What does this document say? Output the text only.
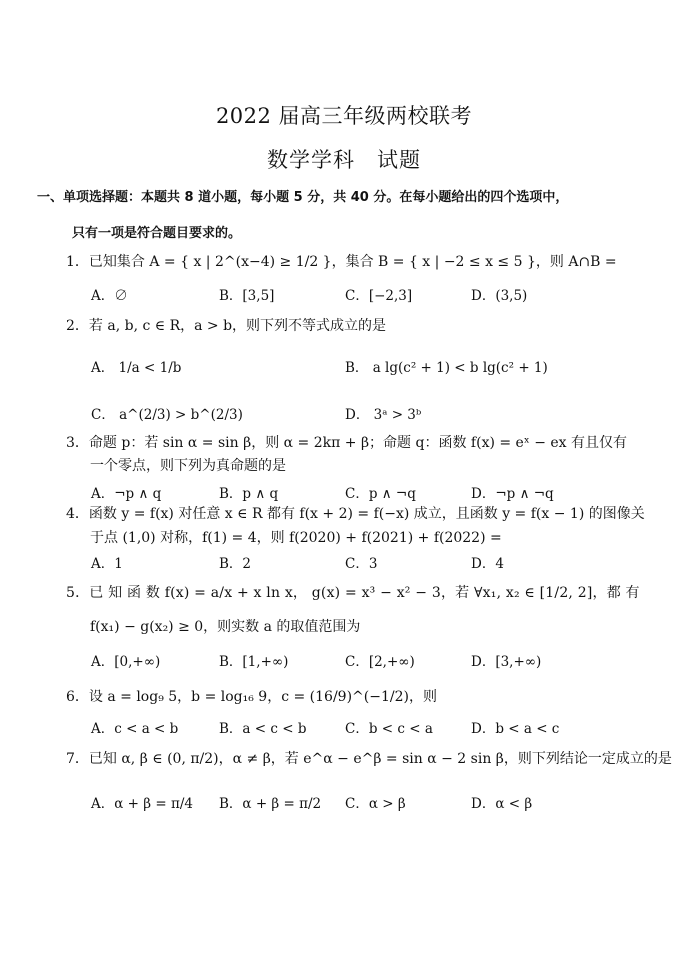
2022 届高三年级两校联考
数学学科　试题
一、单项选择题：本题共 8 道小题，每小题 5 分，共 40 分。在每小题给出的四个选项中，
只有一项是符合题目要求的。
1．已知集合 A = { x | 2^(x−4) ≥ 1/2 }，集合 B = { x | −2 ≤ x ≤ 5 }，则 A∩B =
A．∅	B．[3,5]	C．[−2,3]	D．(3,5)
2．若 a, b, c ∈ R，a > b，则下列不等式成立的是
A． 1/a < 1/b	B． a lg(c² + 1) < b lg(c² + 1)
C． a^(2/3) > b^(2/3)	D． 3ᵃ > 3ᵇ
3．命题 p：若 sin α = sin β，则 α = 2kπ + β；命题 q：函数 f(x) = eˣ − ex 有且仅有
一个零点，则下列为真命题的是
A．¬p ∧ q	B．p ∧ q	C．p ∧ ¬q	D．¬p ∧ ¬q
4．函数 y = f(x) 对任意 x ∈ R 都有 f(x + 2) = f(−x) 成立，且函数 y = f(x − 1) 的图像关
于点 (1,0) 对称，f(1) = 4，则 f(2020) + f(2021) + f(2022) =
A．1	B．2	C．3	D．4
5．已 知 函 数 f(x) = a/x + x ln x， g(x) = x³ − x² − 3，若 ∀x₁, x₂ ∈ [1/2, 2]，都 有
f(x₁) − g(x₂) ≥ 0，则实数 a 的取值范围为
A．[0,+∞)	B．[1,+∞)	C．[2,+∞)	D．[3,+∞)
6．设 a = log₉ 5，b = log₁₆ 9，c = (16/9)^(−1/2)，则
A．c < a < b	B．a < c < b	C．b < c < a	D．b < a < c
7．已知 α, β ∈ (0, π/2)，α ≠ β，若 e^α − e^β = sin α − 2 sin β，则下列结论一定成立的是
A．α + β = π/4 B．α + β = π/2 C．α > β	D．α < β
